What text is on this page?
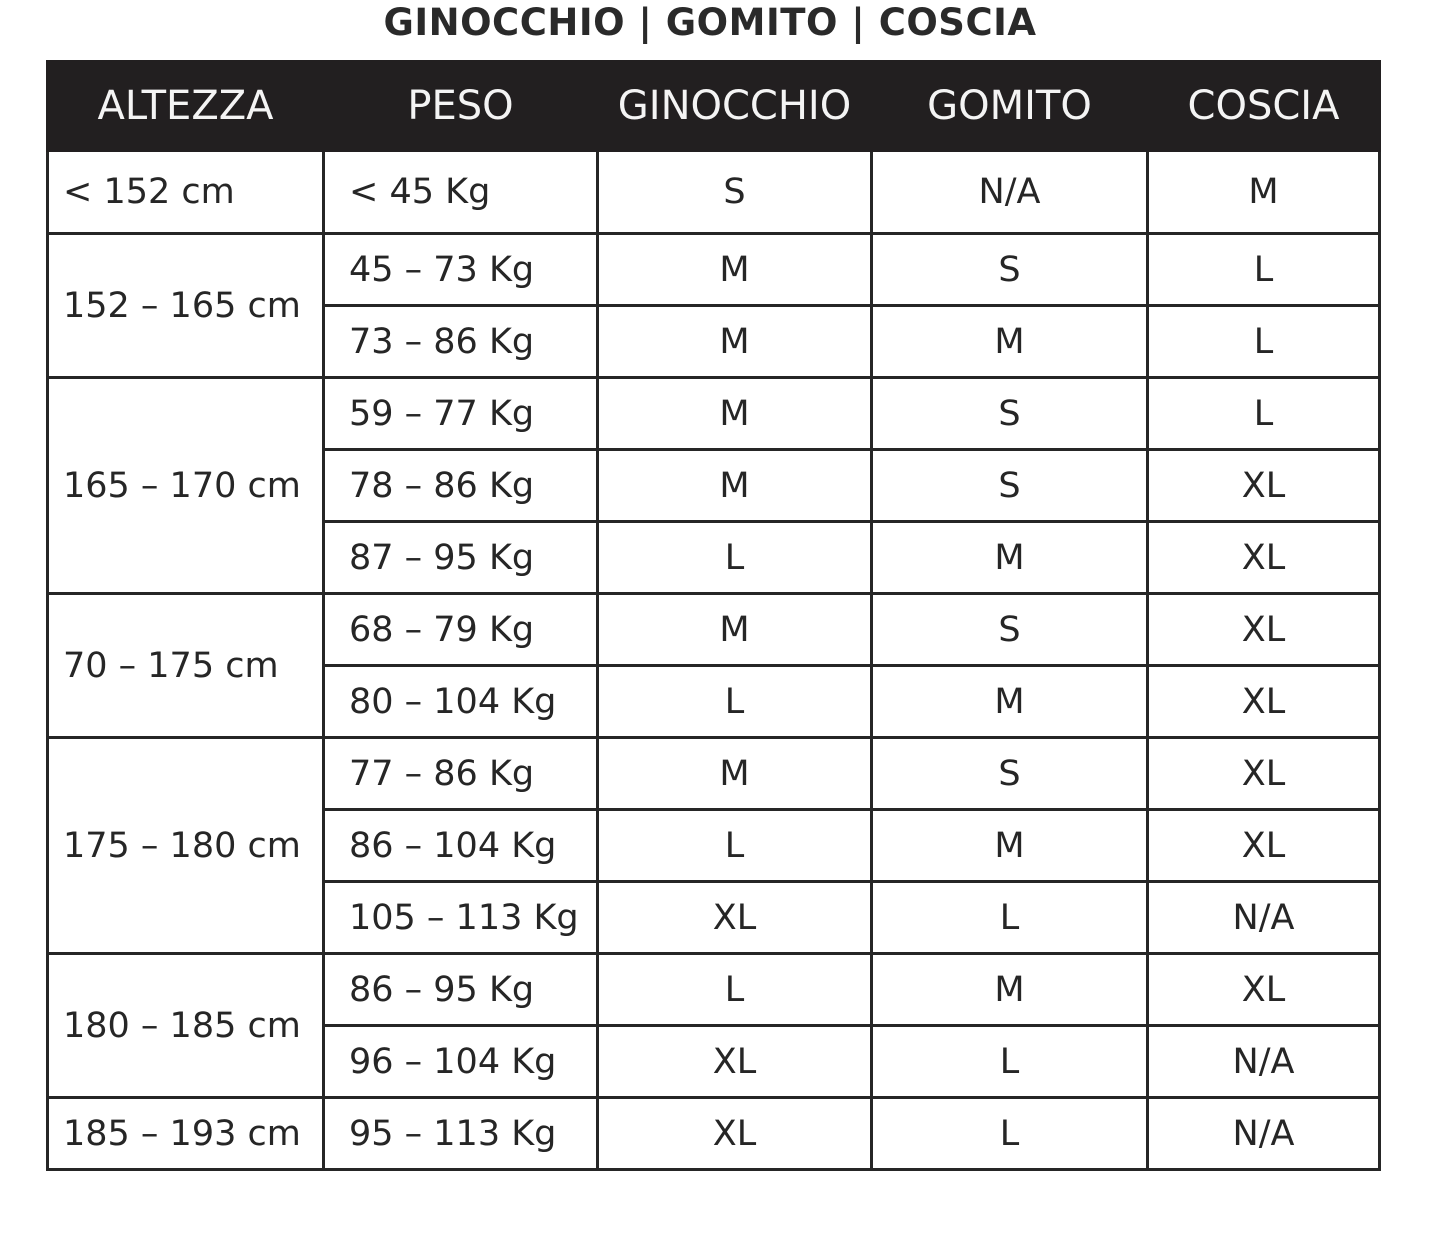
GINOCCHIO | GOMITO | COSCIA
ALTEZZA	PESO	GINOCCHIO	GOMITO	COSCIA
< 152 cm	< 45 Kg	S	N/A	M
152 – 165 cm	45 – 73 Kg	M	S	L
	73 – 86 Kg	M	M	L
165 – 170 cm	59 – 77 Kg	M	S	L
	78 – 86 Kg	M	S	XL
	87 – 95 Kg	L	M	XL
70 – 175 cm	68 – 79 Kg	M	S	XL
	80 – 104 Kg	L	M	XL
175 – 180 cm	77 – 86 Kg	M	S	XL
	86 – 104 Kg	L	M	XL
	105 – 113 Kg	XL	L	N/A
180 – 185 cm	86 – 95 Kg	L	M	XL
	96 – 104 Kg	XL	L	N/A
185 – 193 cm	95 – 113 Kg	XL	L	N/A
